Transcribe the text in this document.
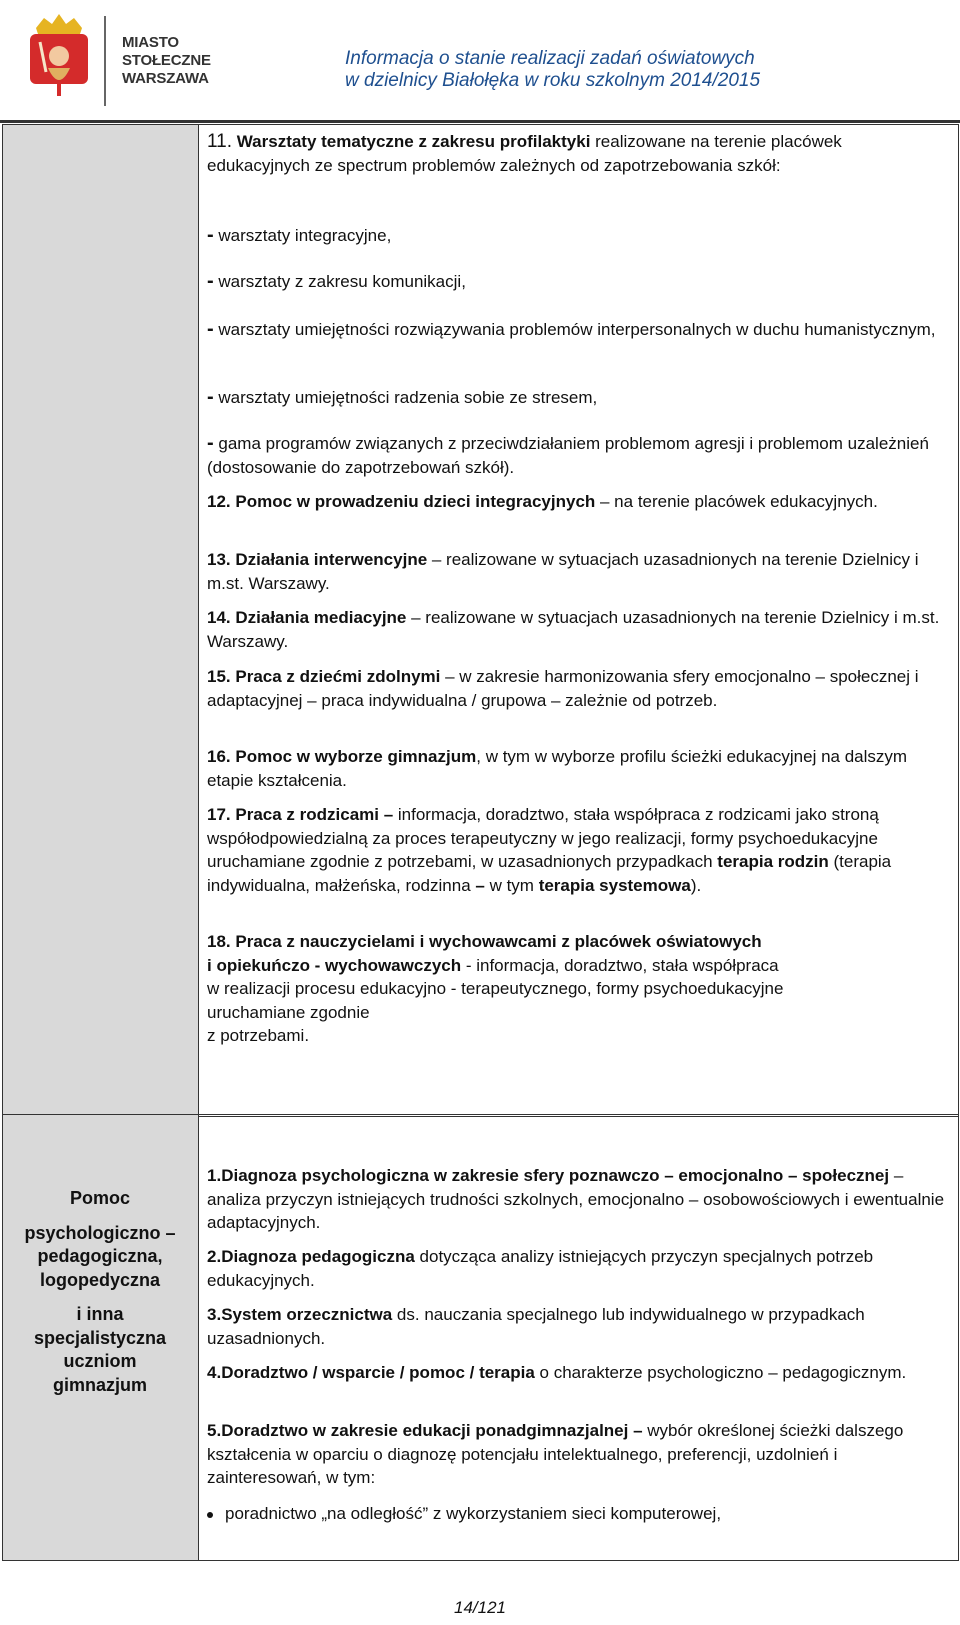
MIASTO
STOŁECZNE
WARSZAWA
Informacja o stanie realizacji zadań oświatowych
w dzielnicy Białołęka w roku szkolnym 2014/2015

11. Warsztaty tematyczne z zakresu profilaktyki realizowane na terenie placówek edukacyjnych ze spectrum problemów zależnych od zapotrzebowania szkół:

- warsztaty integracyjne,

- warsztaty z zakresu komunikacji,

- warsztaty umiejętności rozwiązywania problemów interpersonalnych w duchu humanistycznym,

- warsztaty umiejętności radzenia sobie ze stresem,

- gama programów związanych z przeciwdziałaniem problemom agresji i problemom uzależnień (dostosowanie do zapotrzebowań szkół).

12. Pomoc w prowadzeniu dzieci integracyjnych – na terenie placówek edukacyjnych.

13. Działania interwencyjne – realizowane w sytuacjach uzasadnionych na terenie Dzielnicy i m.st. Warszawy.

14. Działania mediacyjne – realizowane w sytuacjach uzasadnionych na terenie Dzielnicy i m.st. Warszawy.

15. Praca z dziećmi zdolnymi – w zakresie harmonizowania sfery emocjonalno – społecznej i adaptacyjnej – praca indywidualna / grupowa – zależnie od potrzeb.

16. Pomoc w wyborze gimnazjum, w tym w wyborze profilu ścieżki edukacyjnej na dalszym etapie kształcenia.

17. Praca z rodzicami – informacja, doradztwo, stała współpraca z rodzicami jako stroną współodpowiedzialną za proces terapeutyczny w jego realizacji, formy psychoedukacyjne uruchamiane zgodnie z potrzebami, w uzasadnionych przypadkach terapia rodzin (terapia indywidualna, małżeńska, rodzinna – w tym terapia systemowa).

18. Praca z nauczycielami i wychowawcami z placówek oświatowych
i opiekuńczo - wychowawczych - informacja, doradztwo, stała współpraca
w realizacji procesu edukacyjno - terapeutycznego, formy psychoedukacyjne
uruchamiane zgodnie
z potrzebami.

Pomoc
psychologiczno –
pedagogiczna,
logopedyczna
i inna
specjalistyczna
uczniom
gimnazjum

1.Diagnoza psychologiczna w zakresie sfery poznawczo – emocjonalno – społecznej – analiza przyczyn istniejących trudności szkolnych, emocjonalno – osobowościowych i ewentualnie adaptacyjnych.

2.Diagnoza pedagogiczna dotycząca analizy istniejących przyczyn specjalnych potrzeb edukacyjnych.

3.System orzecznictwa ds. nauczania specjalnego lub indywidualnego w przypadkach uzasadnionych.

4.Doradztwo / wsparcie / pomoc / terapia o charakterze psychologiczno – pedagogicznym.

5.Doradztwo w zakresie edukacji ponadgimnazjalnej – wybór określonej ścieżki dalszego kształcenia w oparciu o diagnozę potencjału intelektualnego, preferencji, uzdolnień i zainteresowań, w tym:

poradnictwo „na odległość” z wykorzystaniem sieci komputerowej,

14/121
